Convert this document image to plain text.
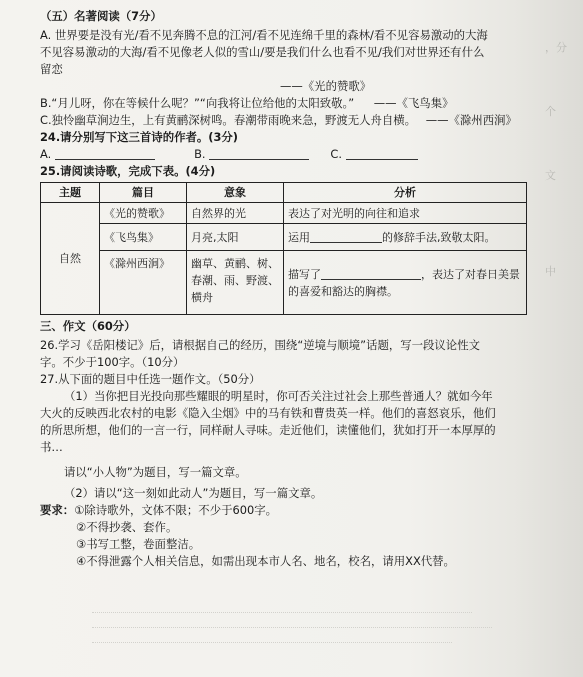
，分

个

文

中
（五）名著阅读（7分）
A. 世界要是没有光/看不见奔腾不息的江河/看不见连绵千里的森林/看不见容易激动的大海
不见容易激动的大海/看不见像老人似的雪山/要是我们什么也看不见/我们对世界还有什么
留恋
——《光的赞歌》
B.“月儿呀，你在等候什么呢？”“向我将让位给他的太阳致敬。” ——《飞鸟集》
C.独怜幽草涧边生，上有黄鹂深树鸣。春潮带雨晚来急，野渡无人舟自横。 ——《滁州西涧》
24.请分别写下这三首诗的作者。(3分)
A.	B.	C.
25.请阅读诗歌，完成下表。(4分)
主题	篇目	意象	分析
自然	《光的赞歌》	自然界的光	表达了对光明的向往和追求
	《飞鸟集》	月亮,太阳	运用 的修辞手法,致敬太阳。
	《滁州西涧》	幽草、黄鹂、树、春潮、雨、野渡、横舟	描写了 ，表达了对春日美景的喜爱和豁达的胸襟。
三、作文（60分）
26.学习《岳阳楼记》后，请根据自己的经历，围绕“逆境与顺境”话题，写一段议论性文
字。不少于100字。（10分）
27.从下面的题目中任选一题作文。（50分）
（1）当你把目光投向那些耀眼的明星时，你可否关注过社会上那些普通人？就如今年
大火的反映西北农村的电影《隐入尘烟》中的马有铁和曹贵英一样。他们的喜怒哀乐，他们
的所思所想，他们的一言一行，同样耐人寻味。走近他们，读懂他们，犹如打开一本厚厚的
书…
请以“小人物”为题目，写一篇文章。
（2）请以“这一刻如此动人”为题目，写一篇文章。
要求：①除诗歌外，文体不限；不少于600字。
②不得抄袭、套作。
③书写工整，卷面整洁。
④不得泄露个人相关信息，如需出现本市人名、地名，校名，请用XX代替。
